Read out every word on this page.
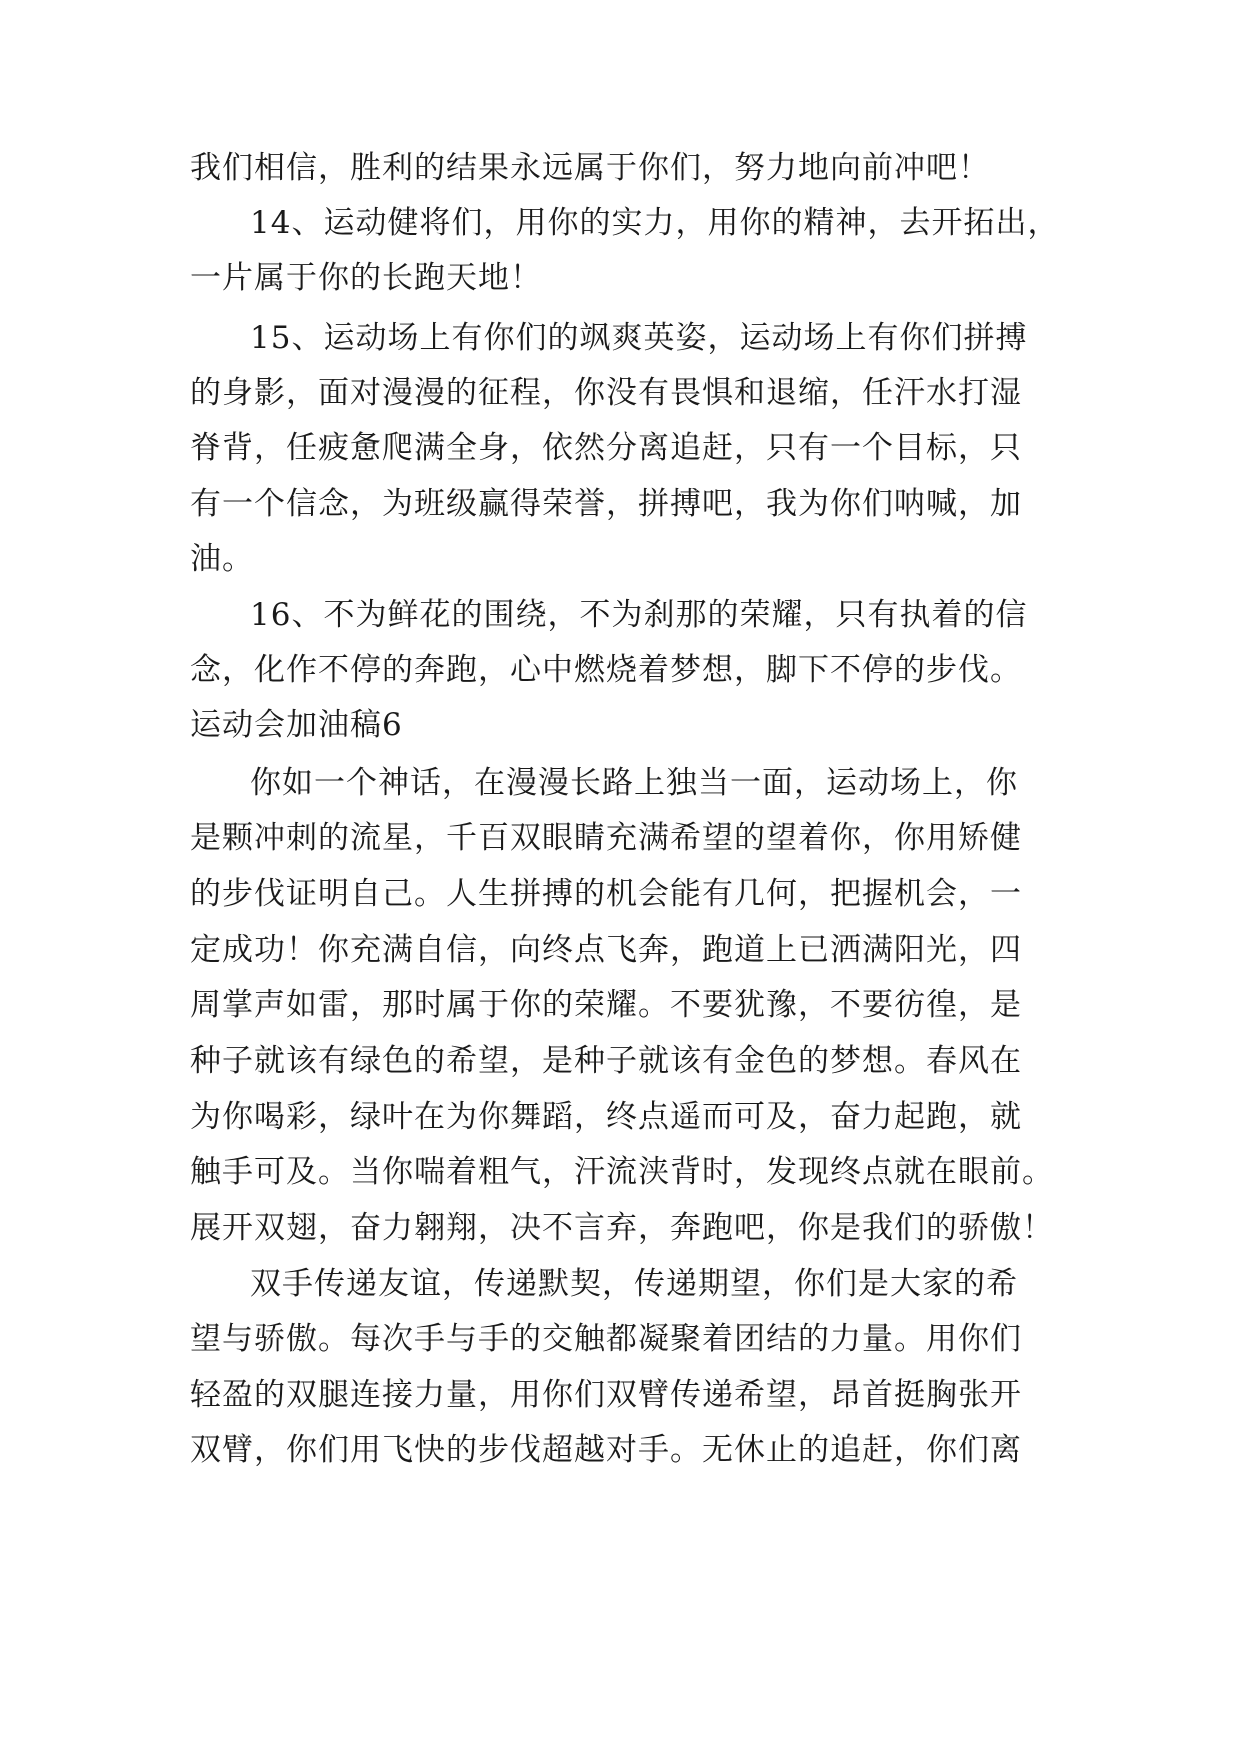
我们相信，胜利的结果永远属于你们，努力地向前冲吧！
14、运动健将们，用你的实力，用你的精神，去开拓出，
一片属于你的长跑天地！
15、运动场上有你们的飒爽英姿，运动场上有你们拼搏
的身影，面对漫漫的征程，你没有畏惧和退缩，任汗水打湿
脊背，任疲惫爬满全身，依然分离追赶，只有一个目标，只
有一个信念，为班级赢得荣誉，拼搏吧，我为你们呐喊，加
油。
16、不为鲜花的围绕，不为刹那的荣耀，只有执着的信
念，化作不停的奔跑，心中燃烧着梦想，脚下不停的步伐。
运动会加油稿6
你如一个神话，在漫漫长路上独当一面，运动场上，你
是颗冲刺的流星，千百双眼睛充满希望的望着你，你用矫健
的步伐证明自己。人生拼搏的机会能有几何，把握机会，一
定成功！你充满自信，向终点飞奔，跑道上已洒满阳光，四
周掌声如雷，那时属于你的荣耀。不要犹豫，不要彷徨，是
种子就该有绿色的希望，是种子就该有金色的梦想。春风在
为你喝彩，绿叶在为你舞蹈，终点遥而可及，奋力起跑，就
触手可及。当你喘着粗气，汗流浃背时，发现终点就在眼前。
展开双翅，奋力翱翔，决不言弃，奔跑吧，你是我们的骄傲！
双手传递友谊，传递默契，传递期望，你们是大家的希
望与骄傲。每次手与手的交触都凝聚着团结的力量。用你们
轻盈的双腿连接力量，用你们双臂传递希望，昂首挺胸张开
双臂，你们用飞快的步伐超越对手。无休止的追赶，你们离
